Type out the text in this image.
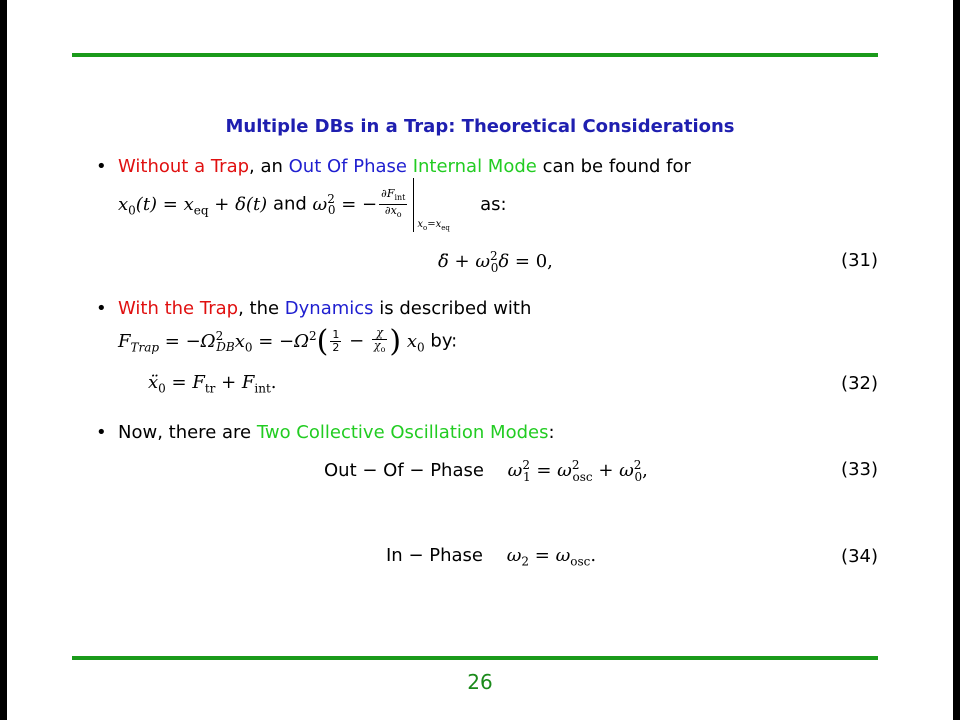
Multiple DBs in a Trap: Theoretical Considerations
• Without a Trap, an Out Of Phase Internal Mode can be found for
$x_0(t) = x_{eq} + \delta(t)$ and $\omega^2_0$ = − $\frac{\partial F_{int}}{\partial x_o}$
$x_o=x_{eq}$
as:
δ̈ + $\omega^2_0\delta = 0$,	(31)
• With the Trap, the Dynamics is described with
$F_{Trap} = -\Omega^2_{DB}x_0 = -\Omega^2( \frac{1}{2} - \frac{\chi}{\chi_o}$ ) $x_0$ by:
ẍ$_0$ = $F_{tr} + F_{int}$.	(32)
• Now, there are Two Collective Oscillation Modes:
Out − Of − Phase $\omega^2_1 = \omega^2_{osc} + \omega^2_0$,	(33)
In − Phase $\omega_2 = \omega_{osc}$.	(34)
26
